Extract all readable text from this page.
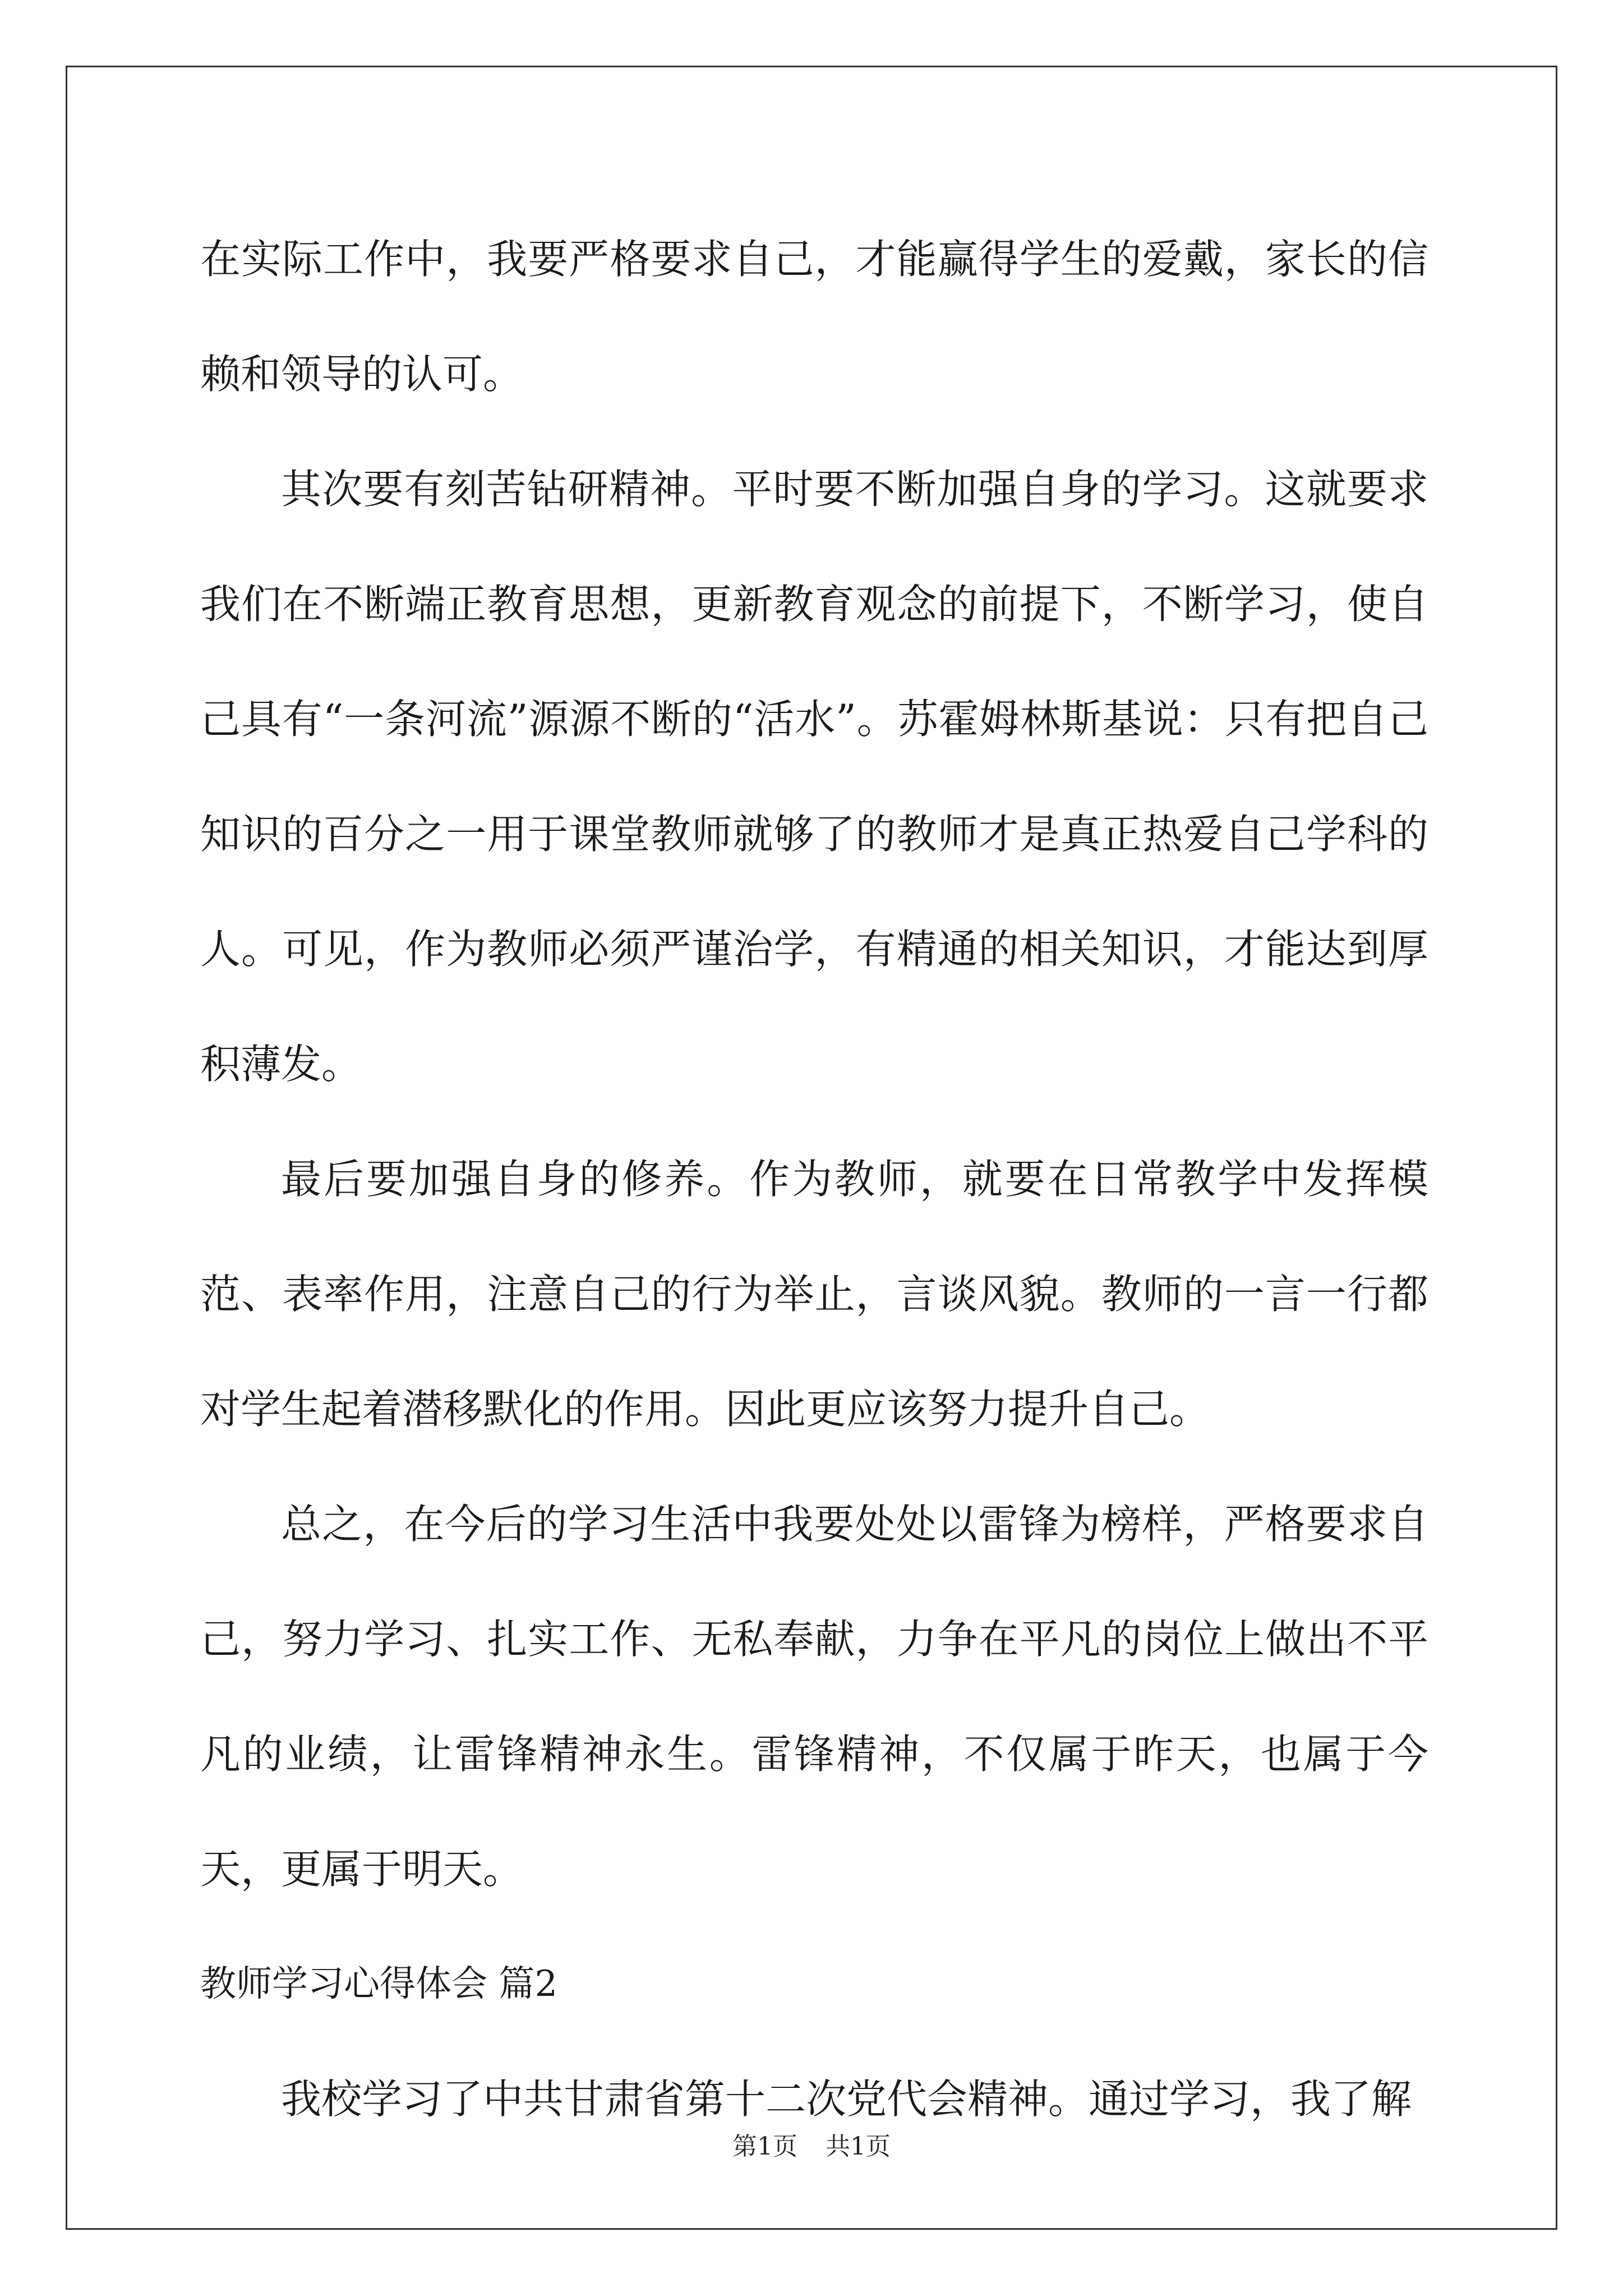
在实际工作中，我要严格要求自己，才能赢得学生的爱戴，家长的信赖和领导的认可。

其次要有刻苦钻研精神。平时要不断加强自身的学习。这就要求我们在不断端正教育思想，更新教育观念的前提下，不断学习，使自己具有“一条河流”源源不断的“活水”。苏霍姆林斯基说：只有把自己知识的百分之一用于课堂教师就够了的教师才是真正热爱自己学科的人。可见，作为教师必须严谨治学，有精通的相关知识，才能达到厚积薄发。

最后要加强自身的修养。作为教师，就要在日常教学中发挥模范、表率作用，注意自己的行为举止，言谈风貌。教师的一言一行都对学生起着潜移默化的作用。因此更应该努力提升自己。

总之，在今后的学习生活中我要处处以雷锋为榜样，严格要求自己，努力学习、扎实工作、无私奉献，力争在平凡的岗位上做出不平凡的业绩，让雷锋精神永生。雷锋精神，不仅属于昨天，也属于今天，更属于明天。

教师学习心得体会 篇2

我校学习了中共甘肃省第十二次党代会精神。通过学习，我了解

第1页 共1页
